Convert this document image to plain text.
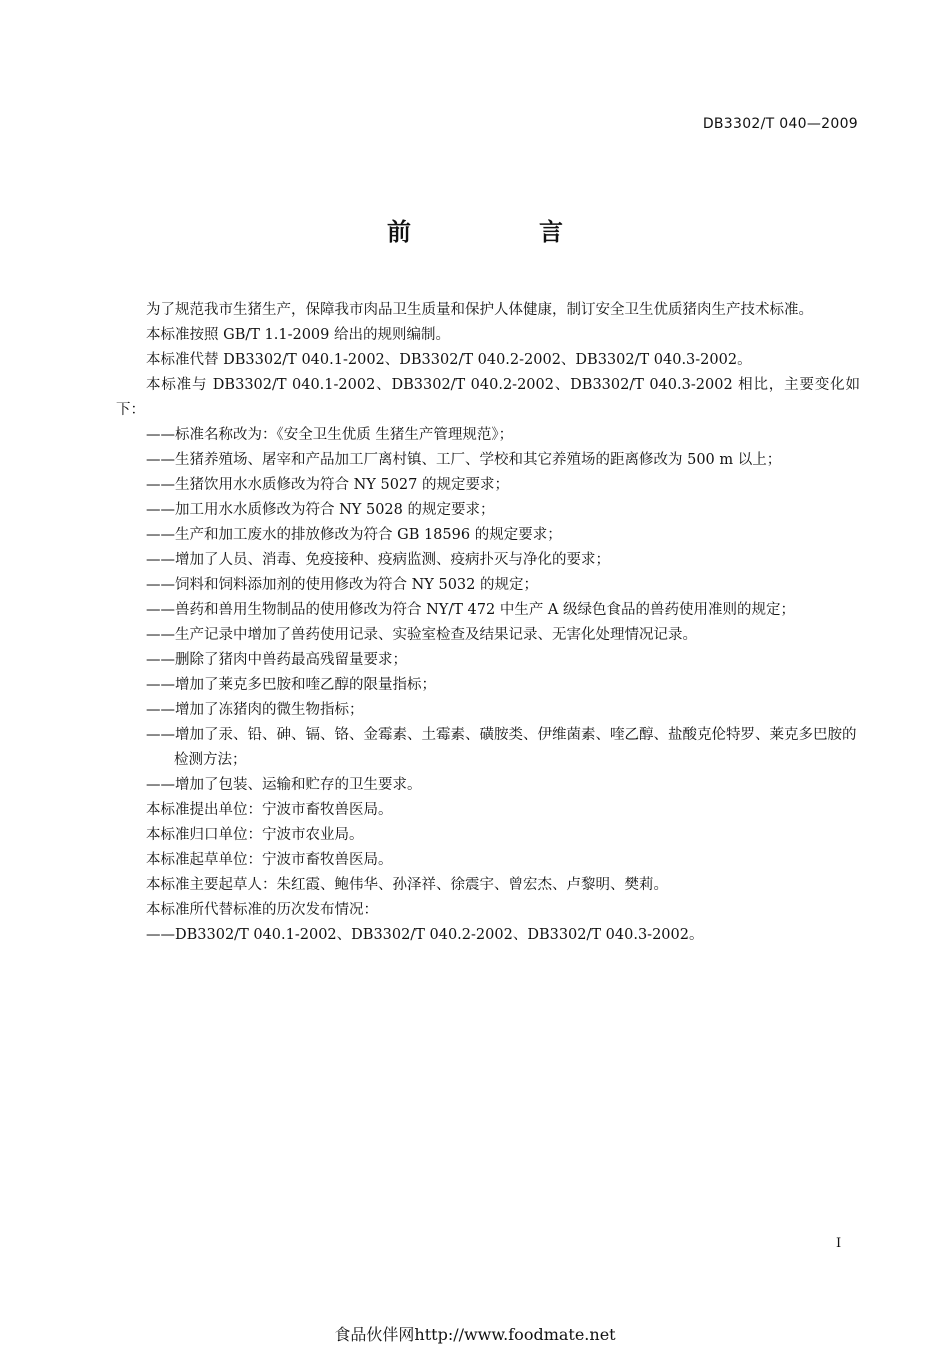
DB3302/T 040—2009
前　言

为了规范我市生猪生产，保障我市肉品卫生质量和保护人体健康，制订安全卫生优质猪肉生产技术标准。

本标准按照 GB/T 1.1-2009 给出的规则编制。

本标准代替 DB3302/T 040.1-2002、DB3302/T 040.2-2002、DB3302/T 040.3-2002。

本标准与 DB3302/T 040.1-2002、DB3302/T 040.2-2002、DB3302/T 040.3-2002 相比，主要变化如下：

——标准名称改为：《安全卫生优质 生猪生产管理规范》；

——生猪养殖场、屠宰和产品加工厂离村镇、工厂、学校和其它养殖场的距离修改为 500 m 以上；

——生猪饮用水水质修改为符合 NY 5027 的规定要求；

——加工用水水质修改为符合 NY 5028 的规定要求；

——生产和加工废水的排放修改为符合 GB 18596 的规定要求；

——增加了人员、消毒、免疫接种、疫病监测、疫病扑灭与净化的要求；

——饲料和饲料添加剂的使用修改为符合 NY 5032 的规定；

——兽药和兽用生物制品的使用修改为符合 NY/T 472 中生产 A 级绿色食品的兽药使用准则的规定；

——生产记录中增加了兽药使用记录、实验室检查及结果记录、无害化处理情况记录。

——删除了猪肉中兽药最高残留量要求；

——增加了莱克多巴胺和喹乙醇的限量指标；

——增加了冻猪肉的微生物指标；

——增加了汞、铅、砷、镉、铬、金霉素、土霉素、磺胺类、伊维菌素、喹乙醇、盐酸克伦特罗、莱克多巴胺的检测方法；

——增加了包装、运输和贮存的卫生要求。

本标准提出单位：宁波市畜牧兽医局。

本标准归口单位：宁波市农业局。

本标准起草单位：宁波市畜牧兽医局。

本标准主要起草人：朱红霞、鲍伟华、孙泽祥、徐震宇、曾宏杰、卢黎明、樊莉。

本标准所代替标准的历次发布情况：

——DB3302/T 040.1-2002、DB3302/T 040.2-2002、DB3302/T 040.3-2002。

I
食品伙伴网http://www.foodmate.net
